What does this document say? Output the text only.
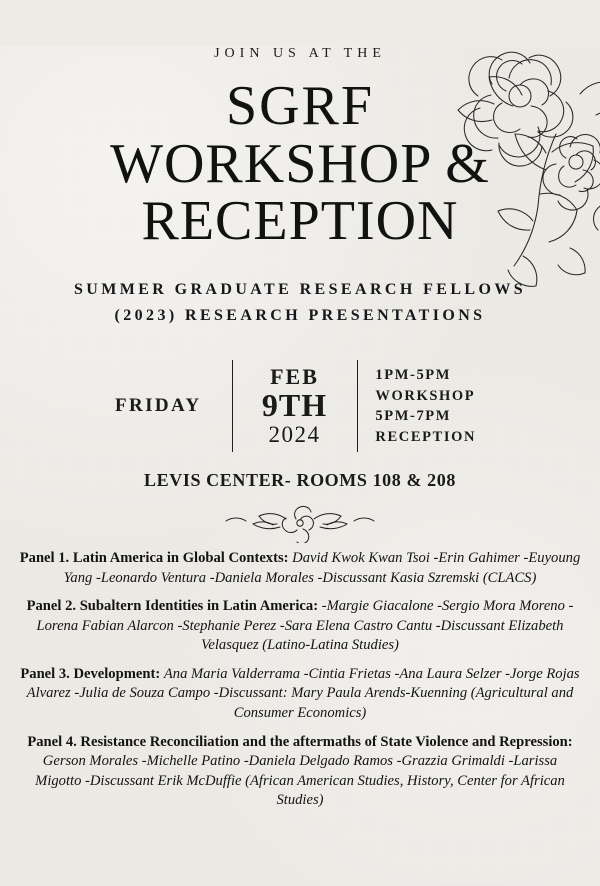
JOIN US AT THE
SGRF
WORKSHOP &
RECEPTION
SUMMER GRADUATE RESEARCH FELLOWS
(2023) RESEARCH PRESENTATIONS
FRIDAY
FEB
9TH
2024
1PM-5PM
WORKSHOP
5PM-7PM
RECEPTION
LEVIS CENTER- ROOMS 108 & 208
Panel 1. Latin America in Global Contexts: David Kwok Kwan Tsoi -Erin Gahimer -Euyoung Yang -Leonardo Ventura -Daniela Morales -Discussant Kasia Szremski (CLACS)
Panel 2. Subaltern Identities in Latin America: -Margie Giacalone -Sergio Mora Moreno -Lorena Fabian Alarcon -Stephanie Perez -Sara Elena Castro Cantu -Discussant Elizabeth Velasquez (Latino-Latina Studies)
Panel 3. Development: Ana Maria Valderrama -Cintia Frietas -Ana Laura Selzer -Jorge Rojas Alvarez -Julia de Souza Campo -Discussant: Mary Paula Arends-Kuenning (Agricultural and Consumer Economics)
Panel 4. Resistance Reconciliation and the aftermaths of State Violence and Repression: Gerson Morales -Michelle Patino -Daniela Delgado Ramos -Grazzia Grimaldi -Larissa Migotto -Discussant Erik McDuffie (African American Studies, History, Center for African Studies)
